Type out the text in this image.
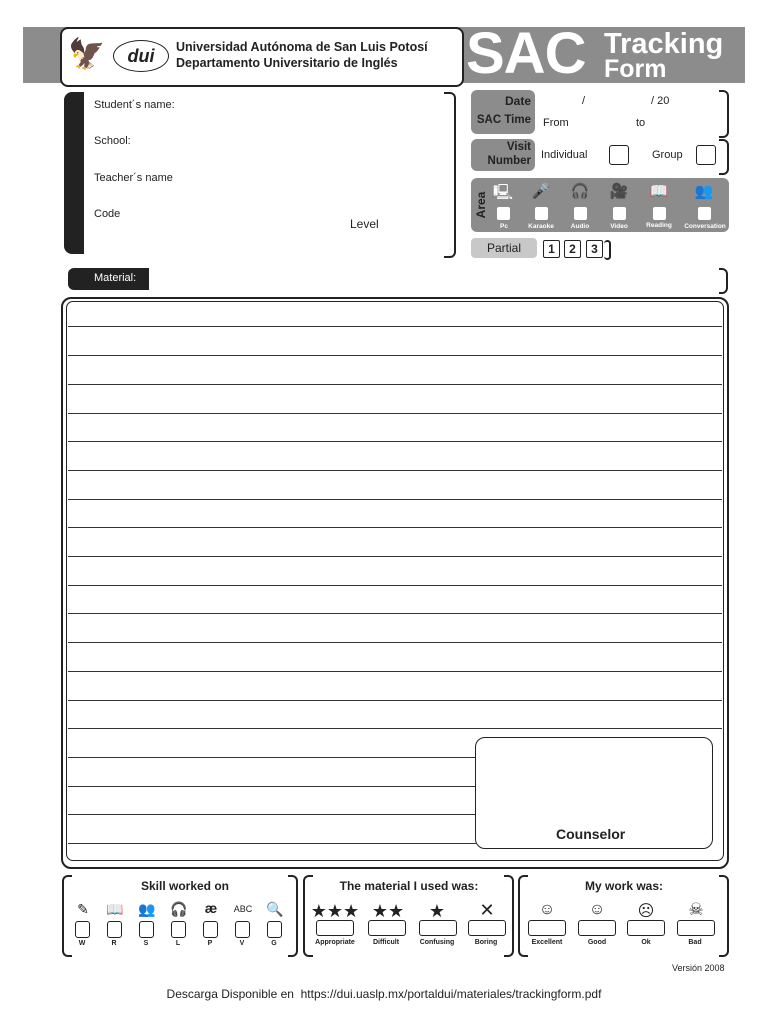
🦅	dui	Universidad Autónoma de San Luis Potosí
Departamento Universitario de Inglés SAC Tracking
Form
Student´s name:
School:
Teacher´s name
Code
Level
Date
SAC Time
/	/ 20
From	to
Visit
Number Individual	Group
Area 🖳
Pc
🎤
Karaoke
🎧
Audio
🎥
Video
📖
Reading
👥
Conversation
Partial	1	2	3
Material:
Counselor
Skill worked on
✎
W
📖
R
👥
S
🎧
L
æ
P
ABC
V
🔍
G
The material I used was:
★★★
Appropriate
★★
Difficult
★
Confusing
✕
Boring
My work was:
☺
Excellent
☺
Good
☹
Ok
☠
Bad
Versión 2008
Descarga Disponible en  https://dui.uaslp.mx/portaldui/materiales/trackingform.pdf
